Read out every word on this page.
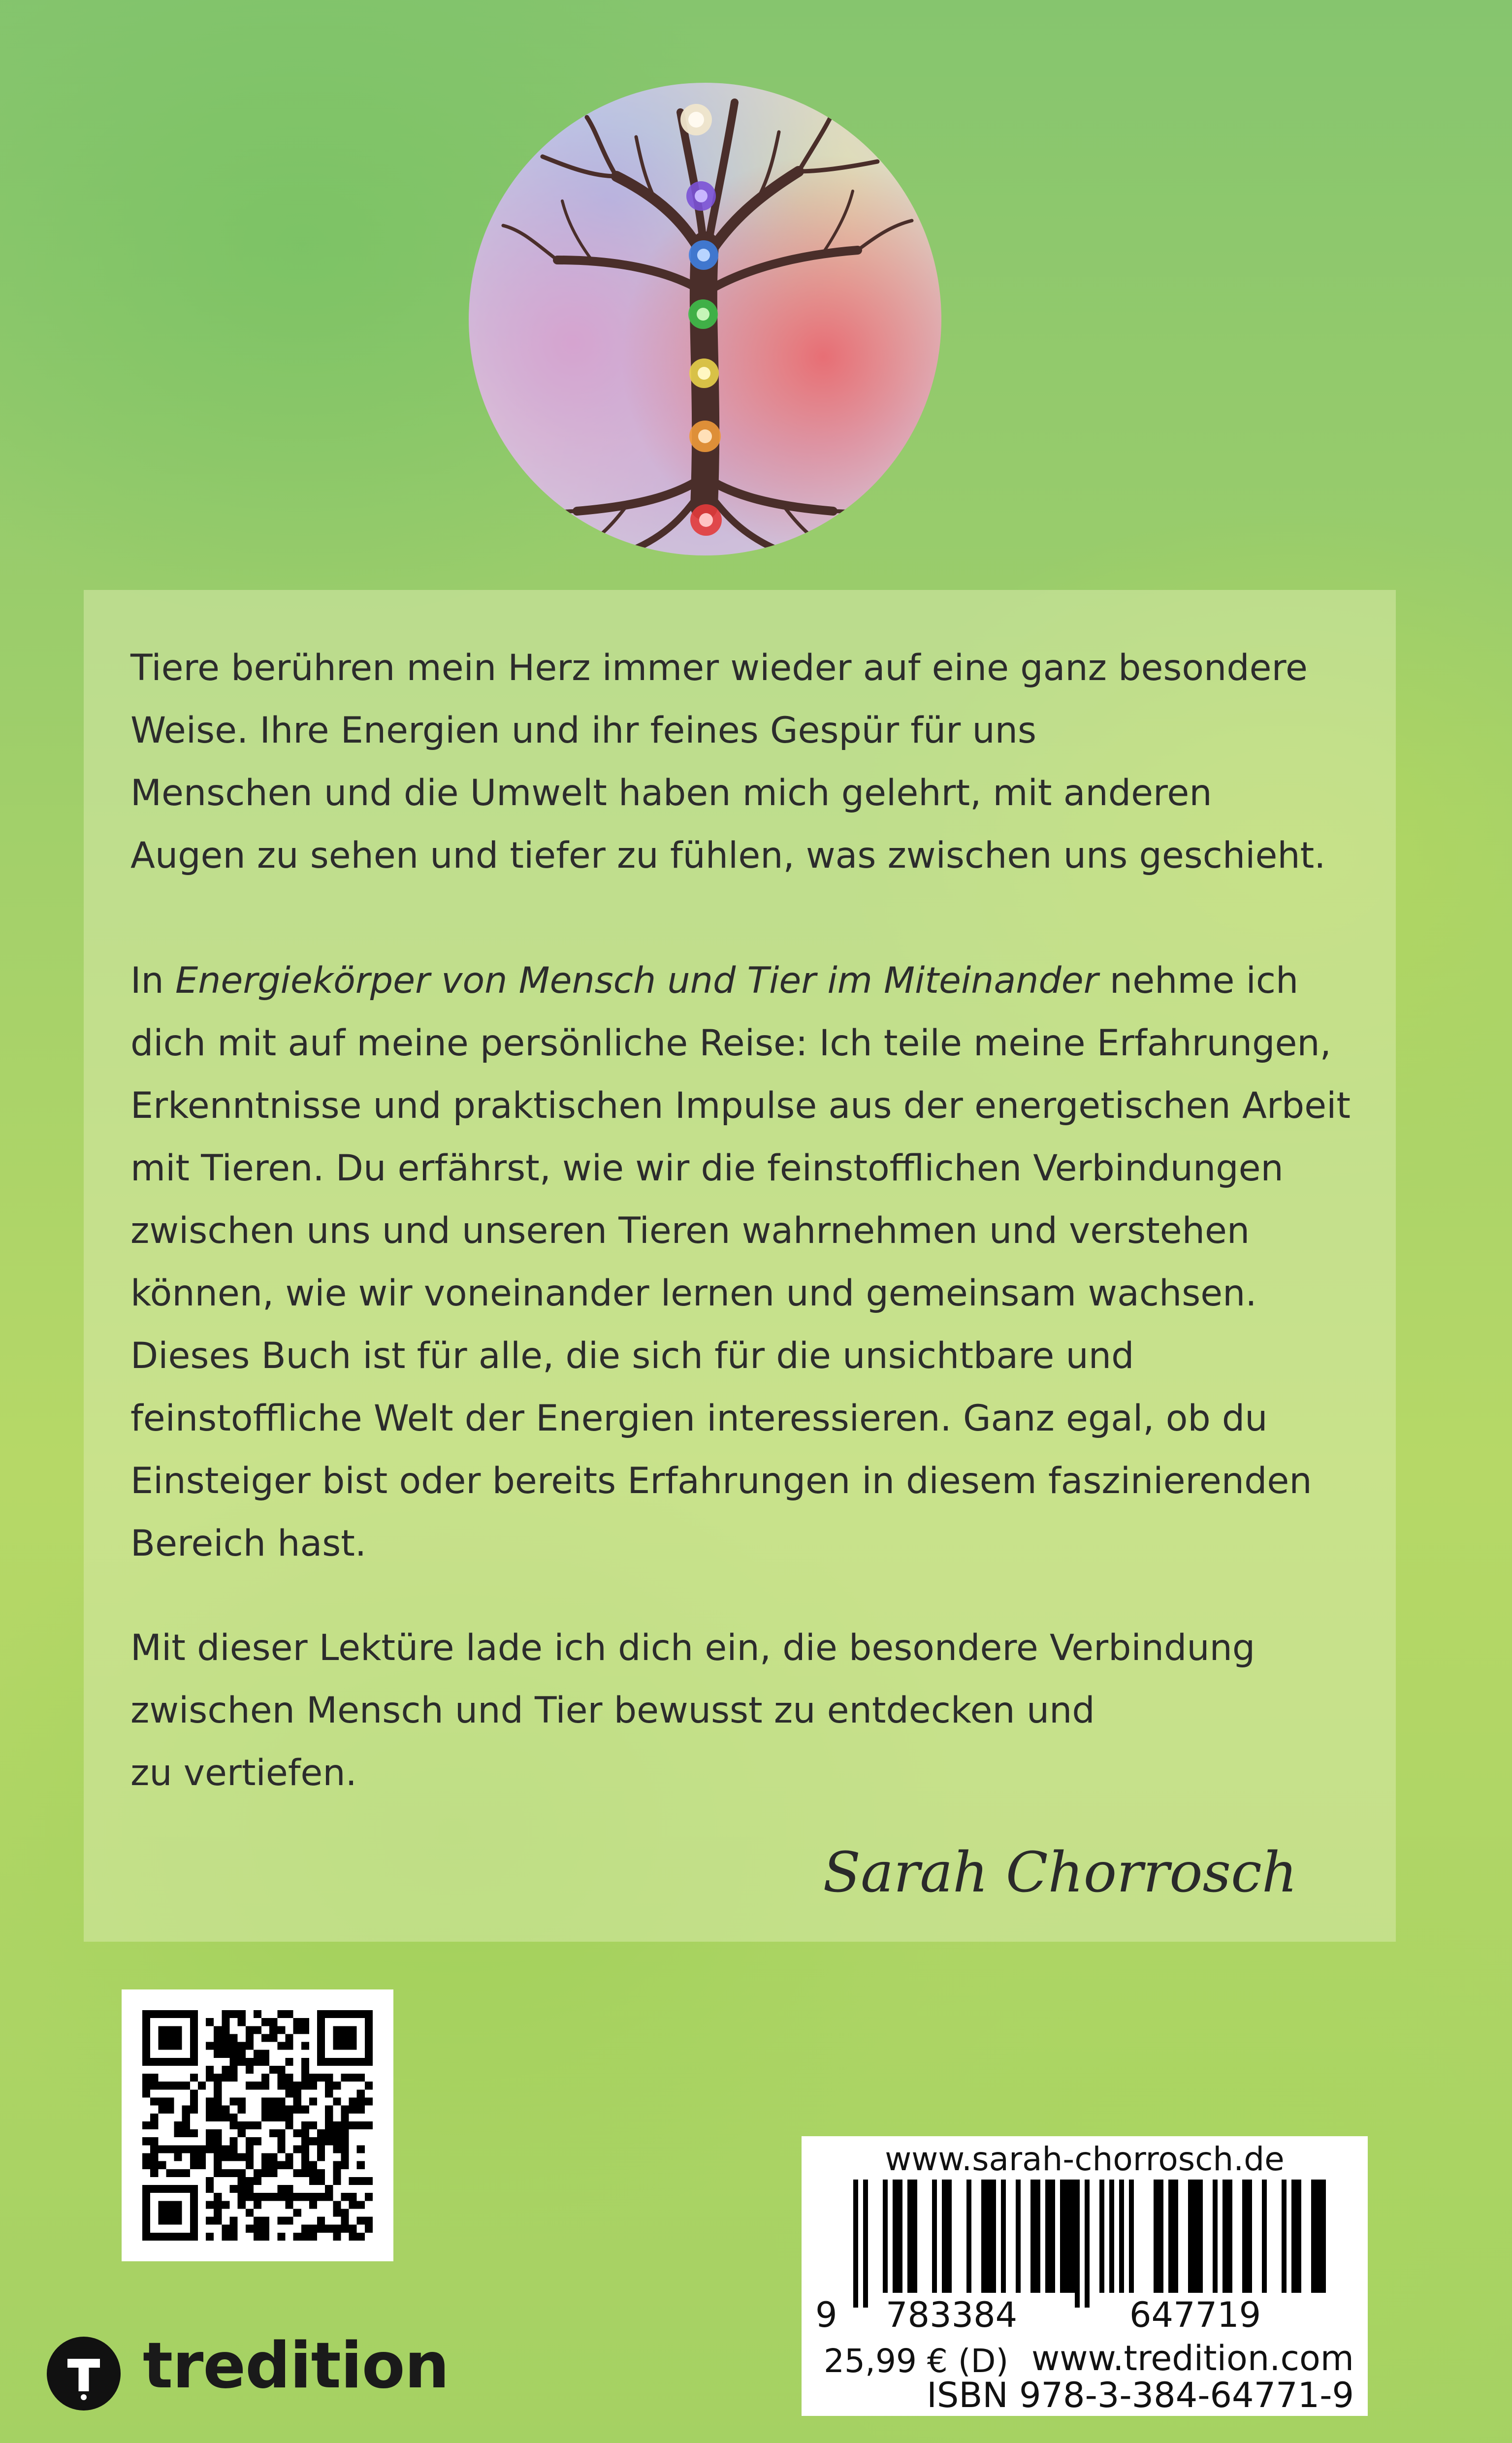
Tiere berühren mein Herz immer wieder auf eine ganz besondere
Weise. Ihre Energien und ihr feines Gespür für uns
Menschen und die Umwelt haben mich gelehrt, mit anderen
Augen zu sehen und tiefer zu fühlen, was zwischen uns geschieht.

In Energiekörper von Mensch und Tier im Miteinander nehme ich
dich mit auf meine persönliche Reise: Ich teile meine Erfahrungen,
Erkenntnisse und praktischen Impulse aus der energetischen Arbeit
mit Tieren. Du erfährst, wie wir die feinstofflichen Verbindungen
zwischen uns und unseren Tieren wahrnehmen und verstehen
können, wie wir voneinander lernen und gemeinsam wachsen.
Dieses Buch ist für alle, die sich für die unsichtbare und
feinstoffliche Welt der Energien interessieren. Ganz egal, ob du
Einsteiger bist oder bereits Erfahrungen in diesem faszinierenden
Bereich hast.

Mit dieser Lektüre lade ich dich ein, die besondere Verbindung
zwischen Mensch und Tier bewusst zu entdecken und
zu vertiefen.

Sarah Chorrosch
tredition
www.sarah-chorrosch.de
9 783384	647719
25,99 € (D) www.tredition.com
ISBN 978-3-384-64771-9
